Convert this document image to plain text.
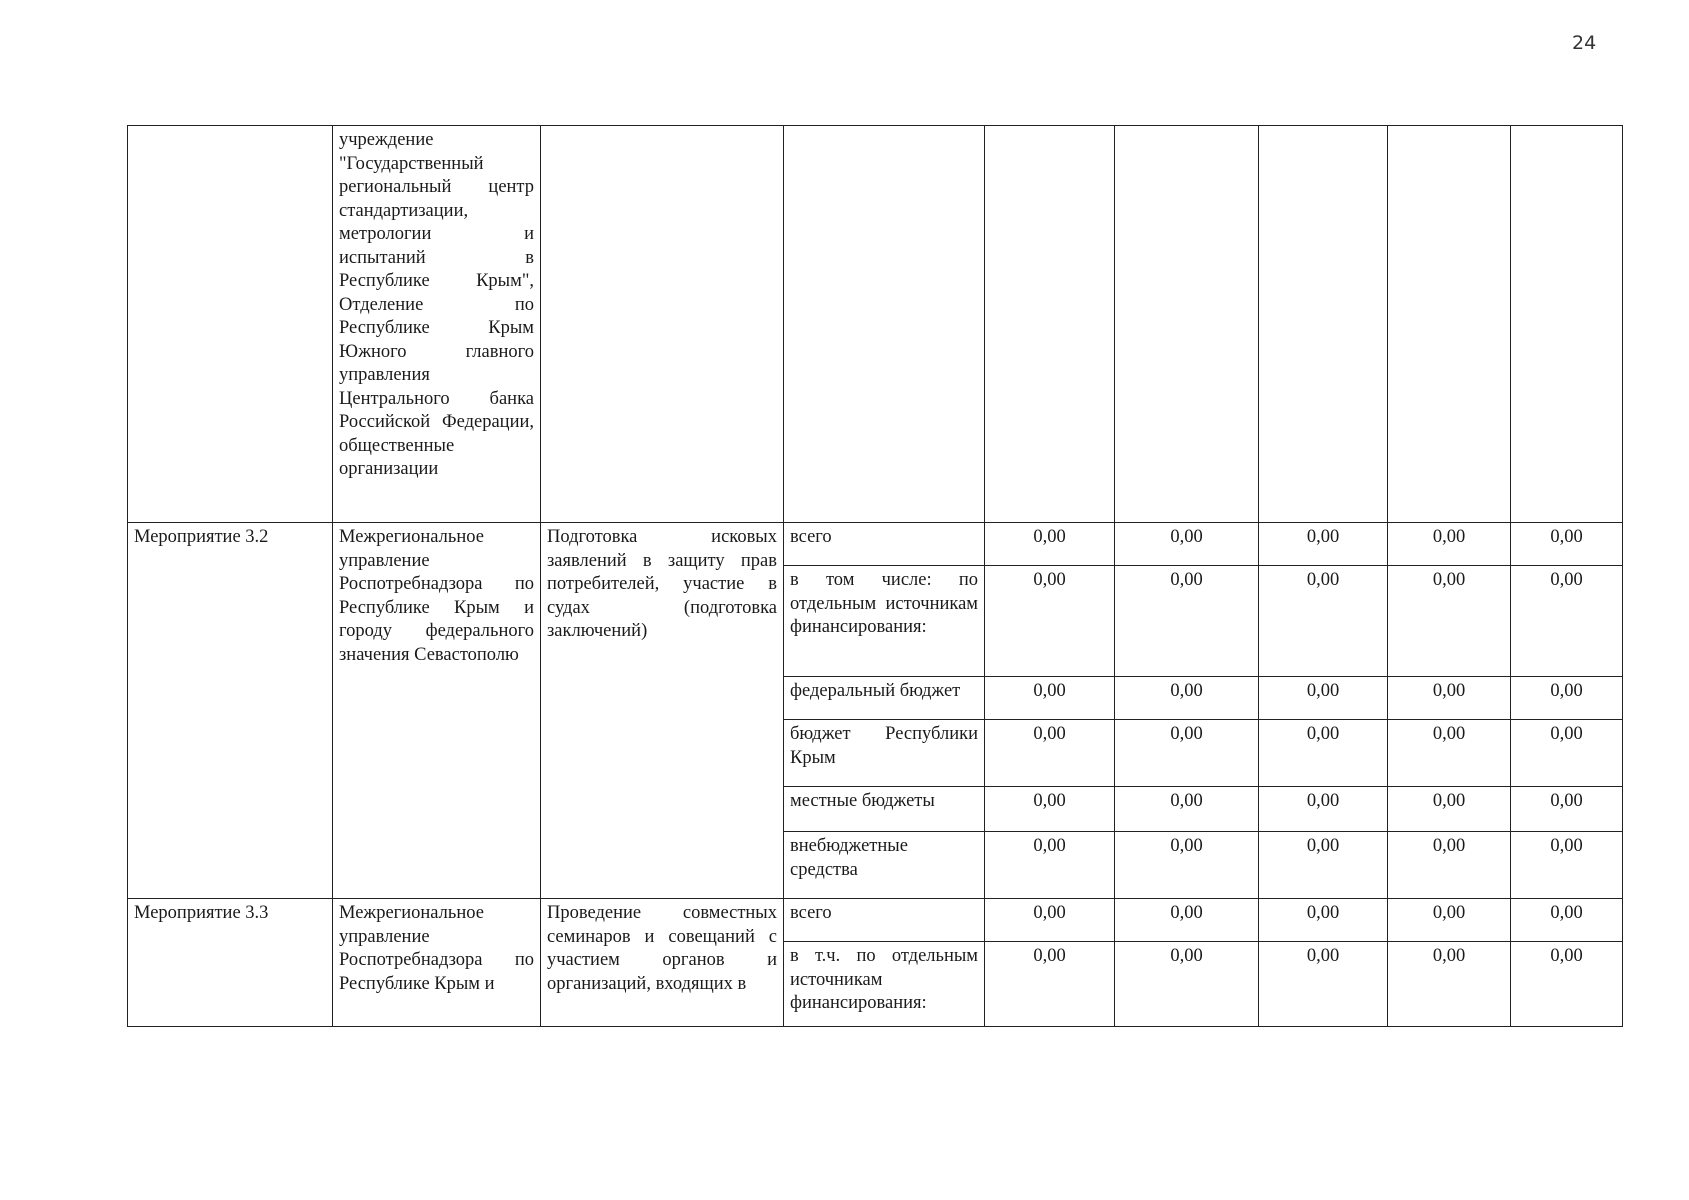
24
	учреждение "Государственный региональный центр стандартизации, метрологии и испытаний в Республике Крым", Отделение по Республике Крым Южного главного управления Центрального банка Российской Федерации, общественные организации							
Мероприятие 3.2	Межрегиональное управление Роспотребнадзора по Республике Крым и городу федерального значения Севастополю	Подготовка исковых заявлений в защиту прав потребителей, участие в судах (подготовка заключений)	всего	0,00	0,00	0,00	0,00	0,00
			в том числе: по отдельным источникам финансирования:	0,00	0,00	0,00	0,00	0,00
			федеральный бюджет	0,00	0,00	0,00	0,00	0,00
			бюджет Республики Крым	0,00	0,00	0,00	0,00	0,00
			местные бюджеты	0,00	0,00	0,00	0,00	0,00
			внебюджетные средства	0,00	0,00	0,00	0,00	0,00
Мероприятие 3.3	Межрегиональное управление Роспотребнадзора по Республике Крым и	Проведение совместных семинаров и совещаний с участием органов и организаций, входящих в	всего	0,00	0,00	0,00	0,00	0,00
			в т.ч. по отдельным источникам финансирования:	0,00	0,00	0,00	0,00	0,00
